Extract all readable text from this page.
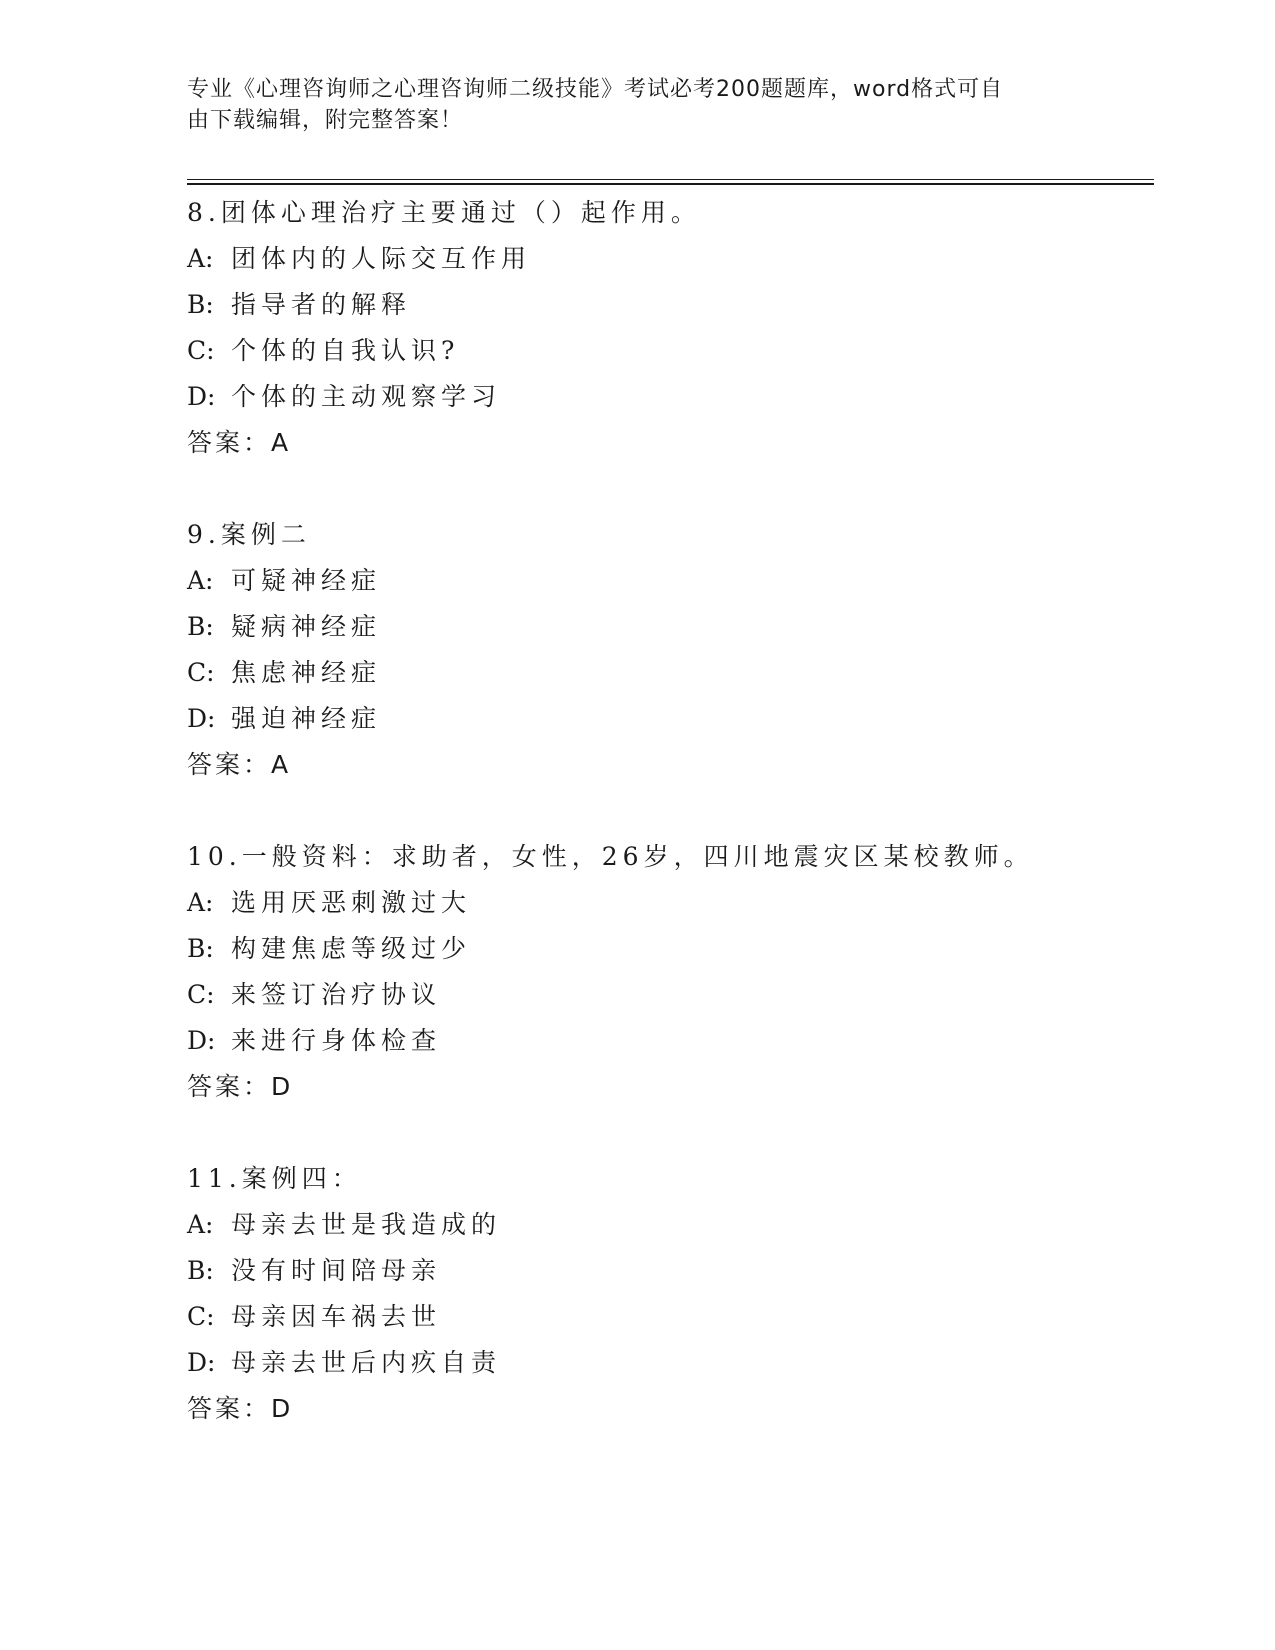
专业《心理咨询师之心理咨询师二级技能》考试必考200题题库，word格式可自
由下载编辑，附完整答案！
8.团体心理治疗主要通过（）起作用。
A: 团体内的人际交互作用
B: 指导者的解释
C: 个体的自我认识?
D: 个体的主动观察学习
答案：A
9.案例二
A: 可疑神经症
B: 疑病神经症
C: 焦虑神经症
D: 强迫神经症
答案：A
10.一般资料：求助者，女性，26岁，四川地震灾区某校教师。
A: 选用厌恶刺激过大
B: 构建焦虑等级过少
C: 来签订治疗协议
D: 来进行身体检查
答案：D
11.案例四：
A: 母亲去世是我造成的
B: 没有时间陪母亲
C: 母亲因车祸去世
D: 母亲去世后内疚自责
答案：D
